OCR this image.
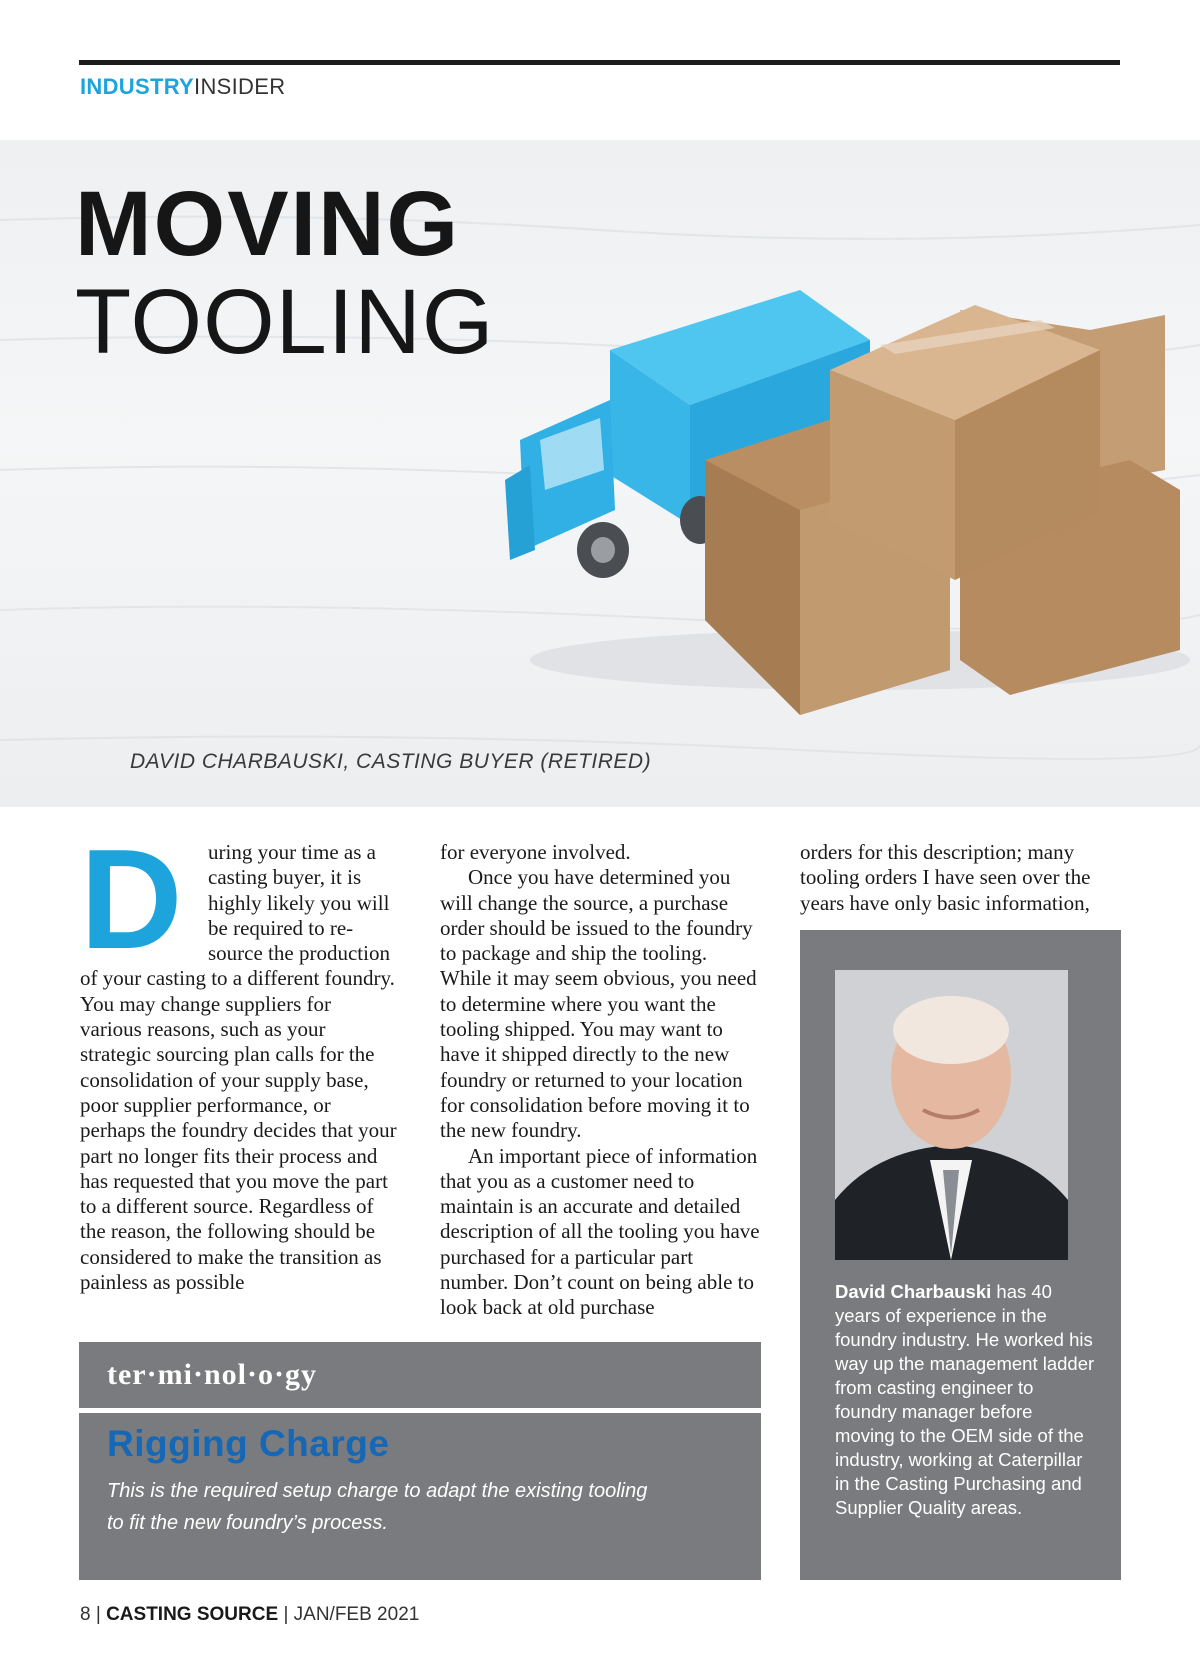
INDUSTRYINSIDER
MOVING
TOOLING
DAVID CHARBAUSKI, CASTING BUYER (RETIRED)
D	uring your time as a casting buyer, it is highly likely you will be required to re-source the production of your casting to a different foundry. You may change suppliers for various reasons, such as your strategic sourcing plan calls for the consolidation of your supply base, poor supplier performance, or perhaps the foundry decides that your part no longer fits their process and has requested that you move the part to a different source. Regardless of the reason, the following should be considered to make the transition as painless as possible

for everyone involved.

Once you have determined you will change the source, a purchase order should be issued to the foundry to package and ship the tooling. While it may seem obvious, you need to determine where you want the tooling shipped. You may want to have it shipped directly to the new foundry or returned to your location for consolidation before moving it to the new foundry.

An important piece of information that you as a customer need to maintain is an accurate and detailed description of all the tooling you have purchased for a particular part number. Don’t count on being able to look back at old purchase

orders for this description; many tooling orders I have seen over the years have only basic information,

ter·mi·nol·o·gy
Rigging Charge
This is the required setup charge to adapt the existing tooling to fit the new foundry’s process.
David Charbauski has 40 years of experience in the foundry industry. He worked his way up the management ladder from casting engineer to foundry manager before moving to the OEM side of the industry, working at Caterpillar in the Casting Purchasing and Supplier Quality areas.
8 | CASTING SOURCE | JAN/FEB 2021
